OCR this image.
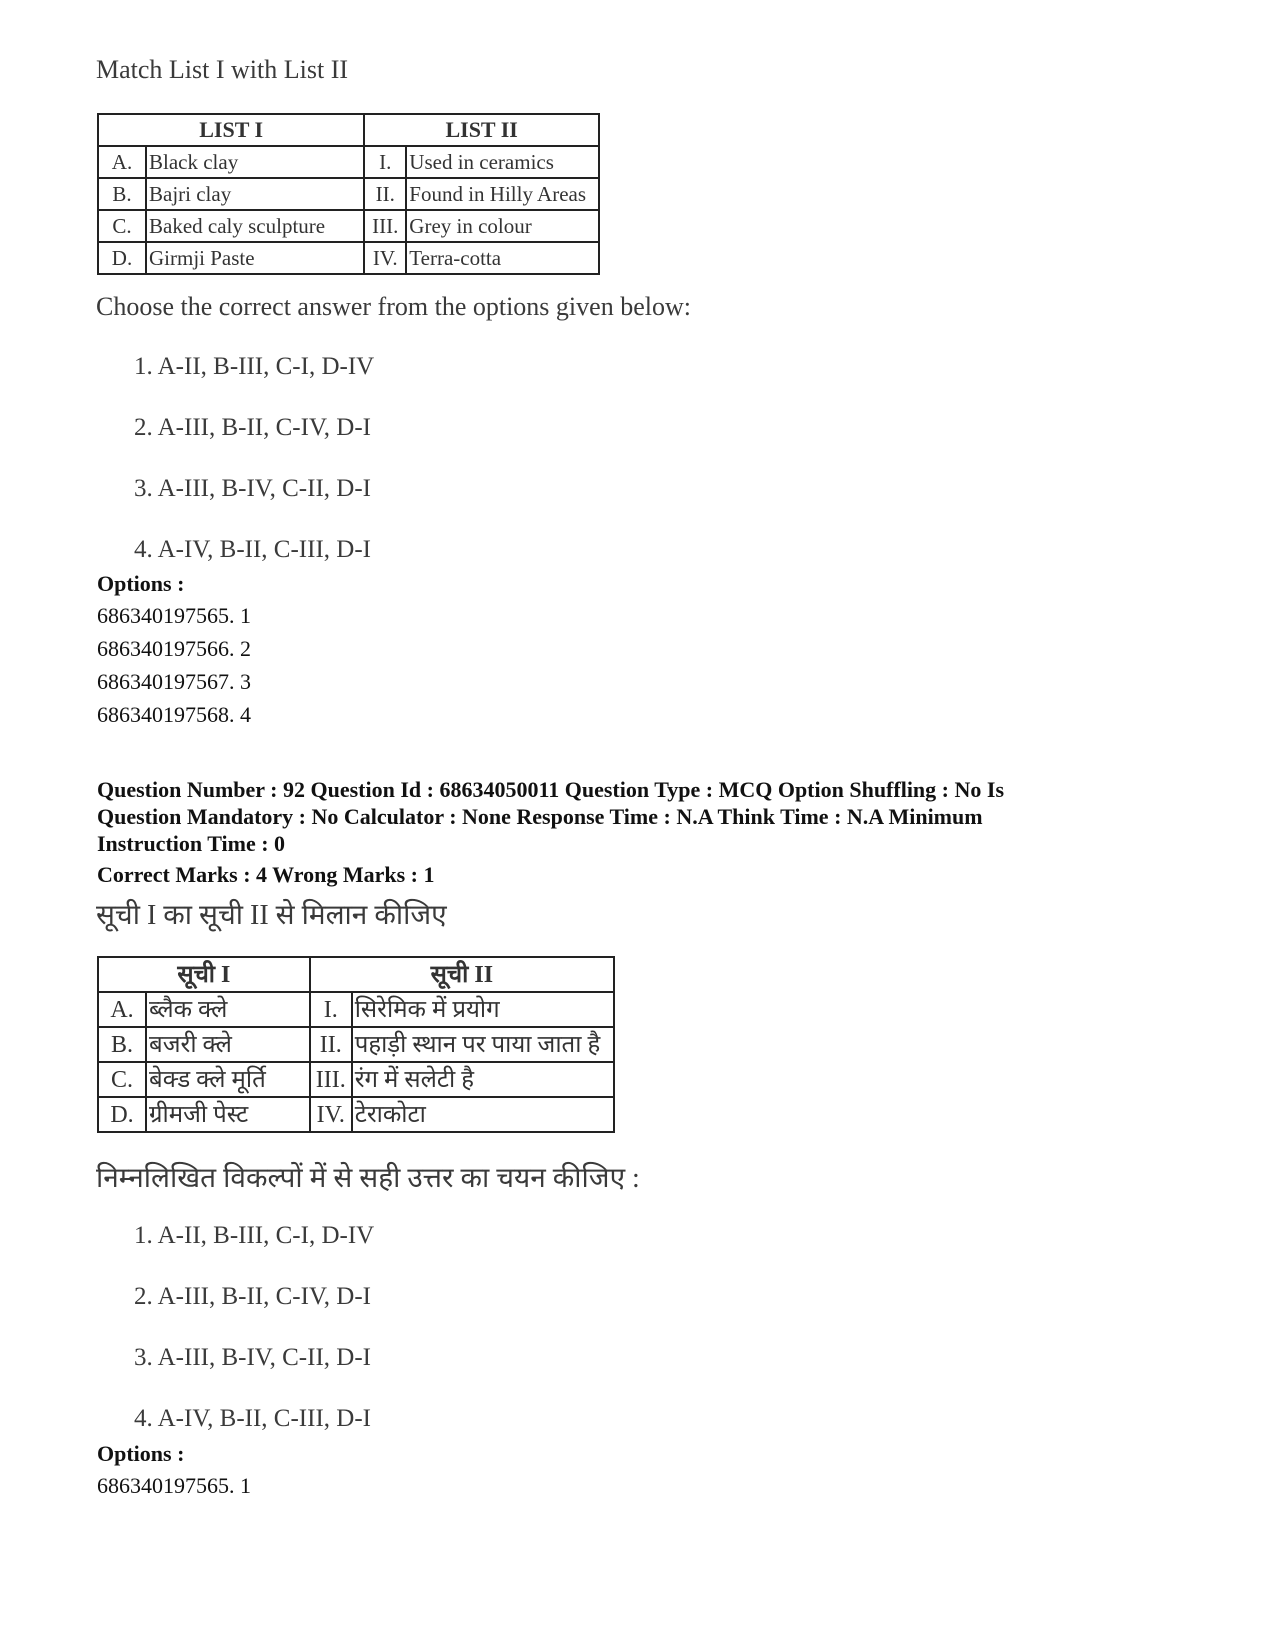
Match List I with List II
LIST I		LIST II	
A.	Black clay	I.	Used in ceramics
B.	Bajri clay	II.	Found in Hilly Areas
C.	Baked caly sculpture	III.	Grey in colour
D.	Girmji Paste	IV.	Terra-cotta
Choose the correct answer from the options given below:
1. A-II, B-III, C-I, D-IV
2. A-III, B-II, C-IV, D-I
3. A-III, B-IV, C-II, D-I
4. A-IV, B-II, C-III, D-I
Options :
686340197565. 1
686340197566. 2
686340197567. 3
686340197568. 4
Question Number : 92 Question Id : 68634050011 Question Type : MCQ Option Shuffling : No Is
Question Mandatory : No Calculator : None Response Time : N.A Think Time : N.A Minimum
Instruction Time : 0
Correct Marks : 4 Wrong Marks : 1
सूची I का सूची II से मिलान कीजिए
सूची I		सूची II	
A.	ब्लैक क्ले	I.	सिरेमिक में प्रयोग
B.	बजरी क्ले	II.	पहाड़ी स्थान पर पाया जाता है
C.	बेक्ड क्ले मूर्ति	III.	रंग में सलेटी है
D.	ग्रीमजी पेस्ट	IV.	टेराकोटा
निम्नलिखित विकल्पों में से सही उत्तर का चयन कीजिए :
1. A-II, B-III, C-I, D-IV
2. A-III, B-II, C-IV, D-I
3. A-III, B-IV, C-II, D-I
4. A-IV, B-II, C-III, D-I
Options :
686340197565. 1
